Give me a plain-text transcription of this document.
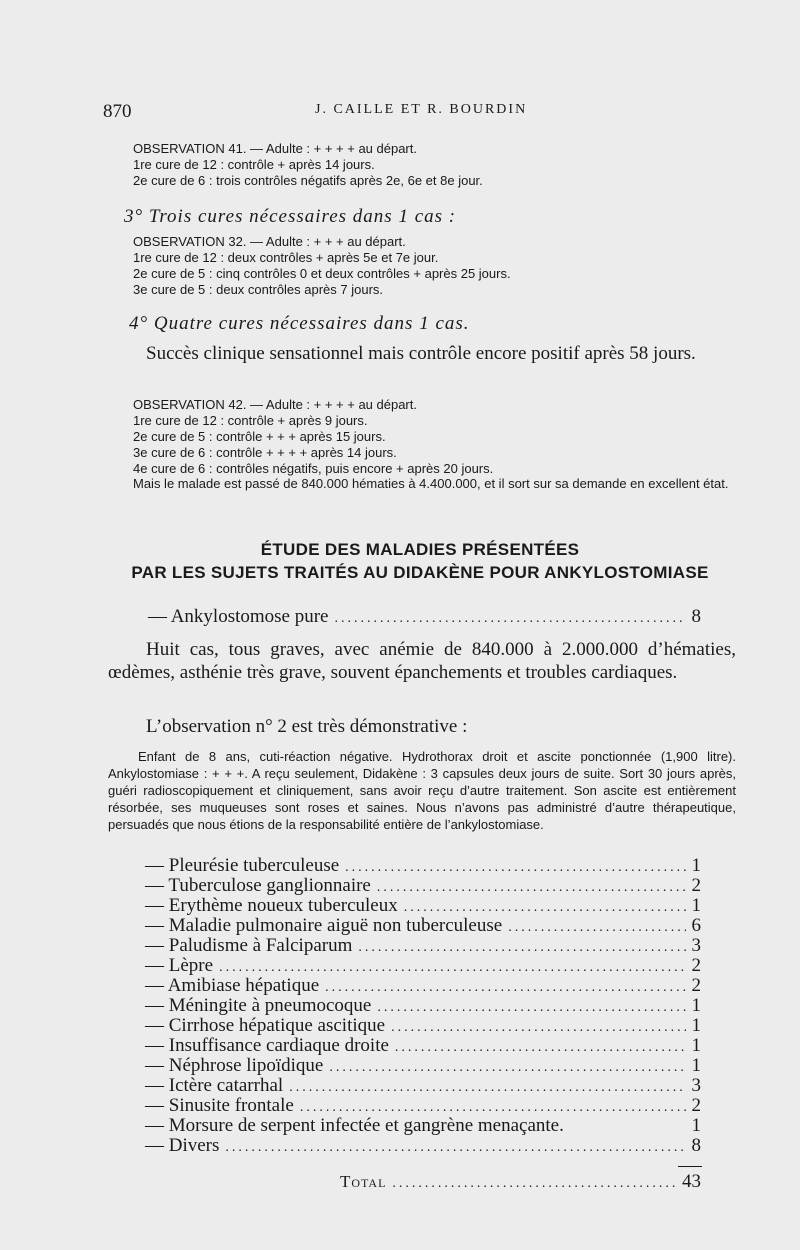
870	J. CAILLE ET R. BOURDIN
OBSERVATION 41. — Adulte : + + + + au départ.
1re cure de 12 : contrôle + après 14 jours.
2e cure de 6 : trois contrôles négatifs après 2e, 6e et 8e jour.
3° Trois cures nécessaires dans 1 cas :
OBSERVATION 32. — Adulte : + + + au départ.
1re cure de 12 : deux contrôles + après 5e et 7e jour.
2e cure de 5 : cinq contrôles 0 et deux contrôles + après 25 jours.
3e cure de 5 : deux contrôles après 7 jours.
4° Quatre cures nécessaires dans 1 cas.
Succès clinique sensationnel mais contrôle encore positif après 58 jours.
OBSERVATION 42. — Adulte : + + + + au départ.
1re cure de 12 : contrôle + après 9 jours.
2e cure de 5 : contrôle + + + après 15 jours.
3e cure de 6 : contrôle + + + + après 14 jours.
4e cure de 6 : contrôles négatifs, puis encore + après 20 jours.
Mais le malade est passé de 840.000 hématies à 4.400.000, et il sort sur sa demande en excellent état.
ÉTUDE DES MALADIES PRÉSENTÉES
PAR LES SUJETS TRAITÉS AU DIDAKÈNE POUR ANKYLOSTOMIASE
— Ankylostomose pure .....	8
Huit cas, tous graves, avec anémie de 840.000 à 2.000.000 d’hématies, œdèmes, asthénie très grave, souvent épanchements et troubles cardiaques.
L’observation n° 2 est très démonstrative :
Enfant de 8 ans, cuti-réaction négative. Hydrothorax droit et ascite ponctionnée (1,900 litre). Ankylostomiase : + + +. A reçu seulement, Didakène : 3 capsules deux jours de suite. Sort 30 jours après, guéri radioscopiquement et cliniquement, sans avoir reçu d’autre traitement. Son ascite est entièrement résorbée, ses muqueuses sont roses et saines. Nous n’avons pas administré d’autre thérapeutique, persuadés que nous étions de la responsabilité entière de l’ankylostomiase.
— Pleurésie tuberculeuse .....	1
— Tuberculose ganglionnaire .....	2
— Erythème noueux tuberculeux .....	1
— Maladie pulmonaire aiguë non tuberculeuse .....	6
— Paludisme à Falciparum .....	3
— Lèpre .....	2
— Amibiase hépatique .....	2
— Méningite à pneumocoque .....	1
— Cirrhose hépatique ascitique .....	1
— Insuffisance cardiaque droite .....	1
— Néphrose lipoïdique .....	1
— Ictère catarrhal .....	3
— Sinusite frontale .....	2
— Morsure de serpent infectée et gangrène menaçante.	1
— Divers .....	8
Total .....	43
